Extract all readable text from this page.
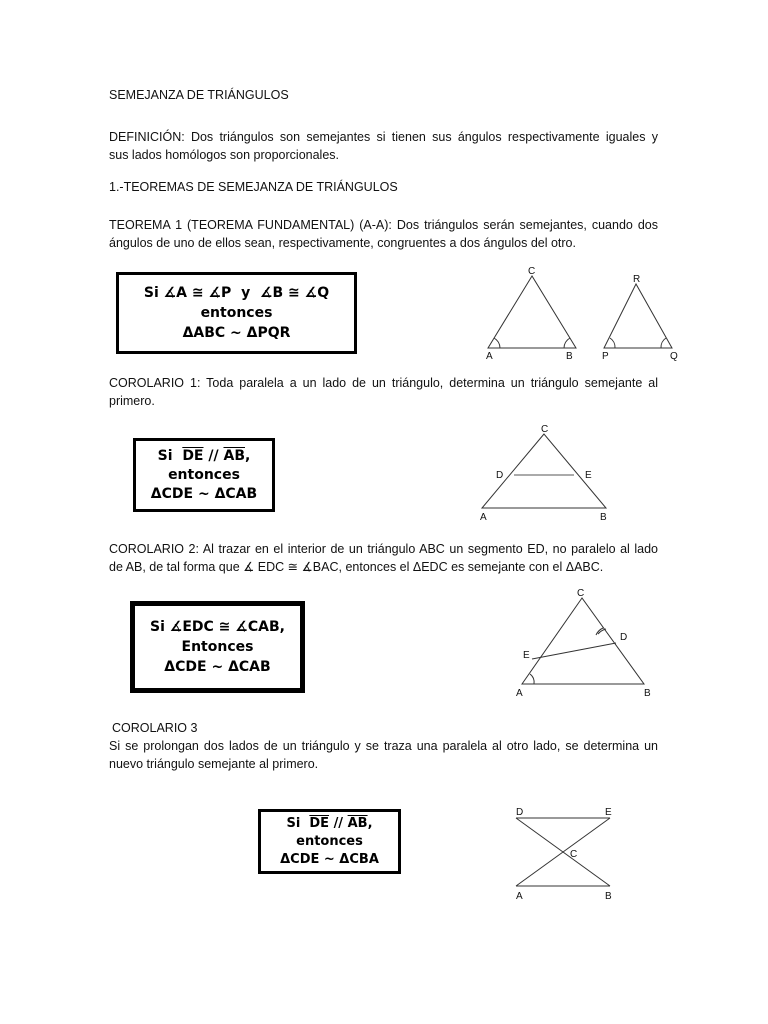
SEMEJANZA DE TRIÁNGULOS

DEFINICIÓN: Dos triángulos son semejantes si tienen sus ángulos respectivamente iguales y

sus lados homólogos son proporcionales.

1.-TEOREMAS DE SEMEJANZA DE TRIÁNGULOS

TEOREMA 1 (TEOREMA FUNDAMENTAL) (A-A): Dos triángulos serán semejantes, cuando dos

ángulos de uno de ellos sean, respectivamente, congruentes a dos ángulos del otro.

Si ∡A ≅ ∡P y ∡B ≅ ∡Q
entonces
ΔABC ~ ΔPQR
C
A	B
R
P	Q

COROLARIO 1: Toda paralela a un lado de un triángulo, determina un triángulo semejante al

primero.

Si $\overline{DE} // \overline{AB}$,
entonces
ΔCDE ~ ΔCAB
C
D	E
A	B

COROLARIO 2: Al trazar en el interior de un triángulo ABC un segmento ED, no paralelo al lado

de AB, de tal forma que ∡ EDC ≅ ∡BAC, entonces el ΔEDC es semejante con el ΔABC.

Si ∡EDC ≅ ∡CAB,
Entonces
ΔCDE ~ ΔCAB
C
D
E
A	B

COROLARIO 3

Si se prolongan dos lados de un triángulo y se traza una paralela al otro lado, se determina un

nuevo triángulo semejante al primero.

Si $\overline{DE} // \overline{AB}$,
entonces
ΔCDE ~ ΔCBA
D	E
C
A	B
